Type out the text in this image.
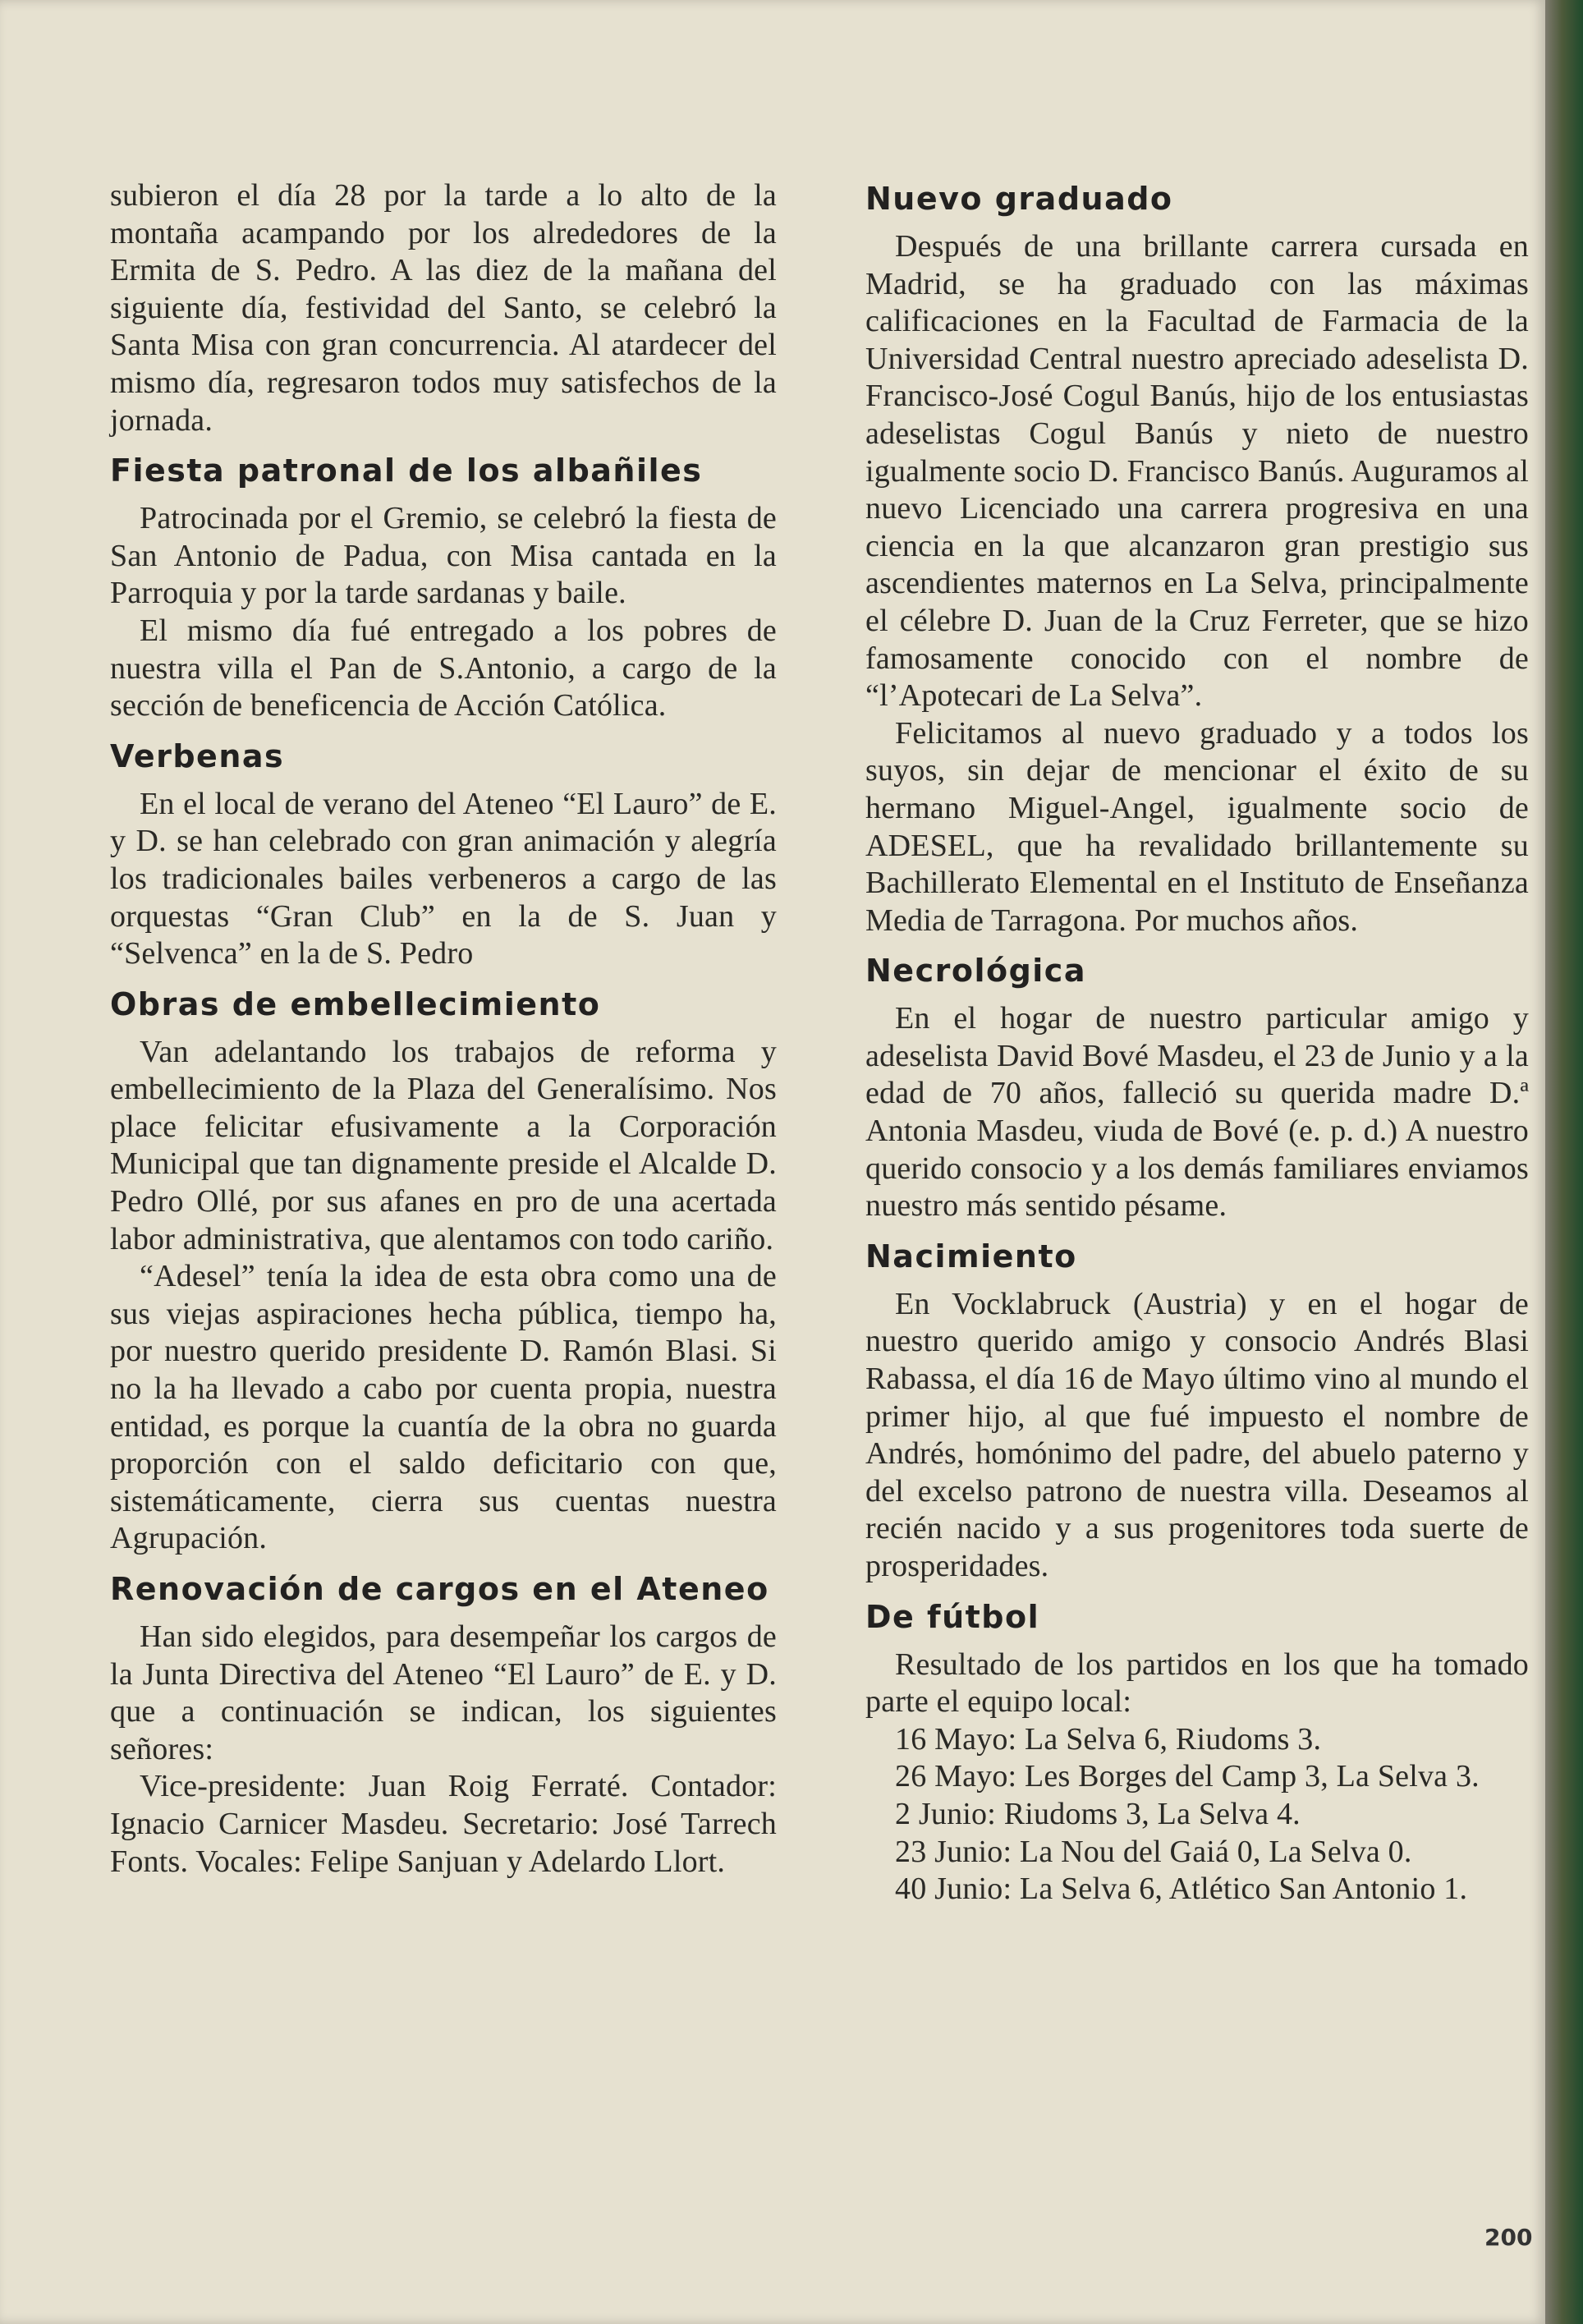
subieron el día 28 por la tarde a lo alto de la montaña acampando por los alrededores de la Ermita de S. Pedro. A las diez de la mañana del siguiente día, festividad del Santo, se celebró la Santa Misa con gran concurrencia. Al atardecer del mismo día, regresaron todos muy satisfechos de la jornada.

Fiesta patronal de los albañiles

Patrocinada por el Gremio, se celebró la fiesta de San Antonio de Padua, con Misa cantada en la Parroquia y por la tarde sardanas y baile.

El mismo día fué entregado a los pobres de nuestra villa el Pan de S.Antonio, a cargo de la sección de beneficencia de Acción Católica.

Verbenas

En el local de verano del Ateneo “El Lauro” de E. y D. se han celebrado con gran animación y alegría los tradicionales bailes verbeneros a cargo de las orquestas “Gran Club” en la de S. Juan y “Selvenca” en la de S. Pedro

Obras de embellecimiento

Van adelantando los trabajos de reforma y embellecimiento de la Plaza del Generalísimo. Nos place felicitar efusivamente a la Corporación Municipal que tan dignamente preside el Alcalde D. Pedro Ollé, por sus afanes en pro de una acertada labor administrativa, que alentamos con todo cariño.

“Adesel” tenía la idea de esta obra como una de sus viejas aspiraciones hecha pública, tiempo ha, por nuestro querido presidente D. Ramón Blasi. Si no la ha llevado a cabo por cuenta propia, nuestra entidad, es porque la cuantía de la obra no guarda proporción con el saldo deficitario con que, sistemáticamente, cierra sus cuentas nuestra Agrupación.

Renovación de cargos en el Ateneo

Han sido elegidos, para desempeñar los cargos de la Junta Directiva del Ateneo “El Lauro” de E. y D. que a continuación se indican, los siguientes señores:

Vice-presidente: Juan Roig Ferraté. Contador: Ignacio Carnicer Masdeu. Secretario: José Tarrech Fonts. Vocales: Felipe Sanjuan y Adelardo Llort.

Nuevo graduado

Después de una brillante carrera cursada en Madrid, se ha graduado con las máximas calificaciones en la Facultad de Farmacia de la Universidad Central nuestro apreciado adeselista D. Francisco-José Cogul Banús, hijo de los entusiastas adeselistas Cogul Banús y nieto de nuestro igualmente socio D. Francisco Banús. Auguramos al nuevo Licenciado una carrera progresiva en una ciencia en la que alcanzaron gran prestigio sus ascendientes maternos en La Selva, principalmente el célebre D. Juan de la Cruz Ferreter, que se hizo famosamente conocido con el nombre de “l’Apotecari de La Selva”.

Felicitamos al nuevo graduado y a todos los suyos, sin dejar de mencionar el éxito de su hermano Miguel-Angel, igualmente socio de ADESEL, que ha revalidado brillantemente su Bachillerato Elemental en el Instituto de Enseñanza Media de Tarragona. Por muchos años.

Necrológica

En el hogar de nuestro particular amigo y adeselista David Bové Masdeu, el 23 de Junio y a la edad de 70 años, falleció su querida madre D.ª Antonia Masdeu, viuda de Bové (e. p. d.) A nuestro querido consocio y a los demás familiares enviamos nuestro más sentido pésame.

Nacimiento

En Vocklabruck (Austria) y en el hogar de nuestro querido amigo y consocio Andrés Blasi Rabassa, el día 16 de Mayo último vino al mundo el primer hijo, al que fué impuesto el nombre de Andrés, homónimo del padre, del abuelo paterno y del excelso patrono de nuestra villa. Deseamos al recién nacido y a sus progenitores toda suerte de prosperidades.

De fútbol

Resultado de los partidos en los que ha tomado parte el equipo local:

16 Mayo: La Selva 6, Riudoms 3.

26 Mayo: Les Borges del Camp 3, La Selva 3.

2 Junio: Riudoms 3, La Selva 4.

23 Junio: La Nou del Gaiá 0, La Selva 0.

40 Junio: La Selva 6, Atlético San Antonio 1.

200
